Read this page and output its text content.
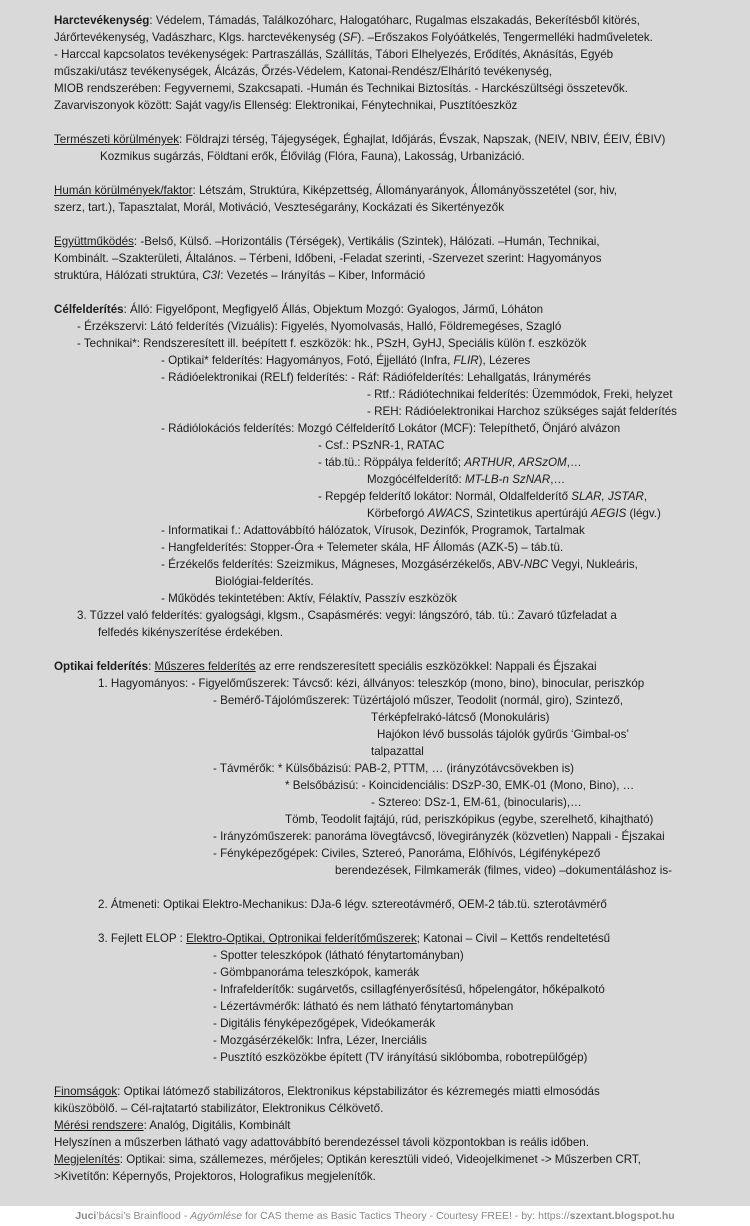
Harctevékenység: Védelem, Támadás, Találkozóharc, Halogatóharc, Rugalmas elszakadás, Bekerítésből kitörés,
Járőrtevékenység, Vadászharc, Klgs. harctevékenység (SF). –Erőszakos Folyóátkelés, Tengermelléki hadműveletek.
- Harccal kapcsolatos tevékenységek: Partraszállás, Szállítás, Tábori Elhelyezés, Erődítés, Aknásítás, Egyéb
műszaki/utász tevékenységek, Álcázás, Őrzés-Védelem, Katonai-Rendész/Elhárító tevékenység,
MIOB rendszerében: Fegyvernemi, Szakcsapati. -Humán és Technikai Biztosítás. - Harckészültségi összetevők.
Zavarviszonyok között: Saját vagy/is Ellenség: Elektronikai, Fénytechnikai, Pusztítóeszköz
Természeti körülmények: Földrajzi térség, Tájegységek, Éghajlat, Időjárás, Évszak, Napszak, (NEIV, NBIV, ÉEIV, ÉBIV)
Kozmikus sugárzás, Földtani erők, Élővilág (Flóra, Fauna), Lakosság, Urbanizáció.
Humán körülmények/faktor: Létszám, Struktúra, Kiképzettség, Állományarányok, Állományösszetétel (sor, hiv,
szerz, tart.), Tapasztalat, Morál, Motiváció, Veszteségarány, Kockázati és Sikertényezők
Együttműködés: -Belső, Külső. –Horizontális (Térségek), Vertikális (Szintek), Hálózati. –Humán, Technikai,
Kombinált. –Szakterületi, Általános. – Térbeni, Időbeni, -Feladat szerinti, -Szervezet szerint: Hagyományos
struktúra, Hálózati struktúra, C3I: Vezetés – Irányítás – Kiber, Információ
Célfelderítés: Álló: Figyelőpont, Megfigyelő Állás, Objektum Mozgó: Gyalogos, Jármű, Lóháton
- Érzékszervi: Látó felderítés (Vizuális): Figyelés, Nyomolvasás, Halló, Földremegéses, Szagló
- Technikai*: Rendszeresített ill. beépített f. eszközök: hk., PSzH, GyHJ, Speciális külön f. eszközök
- Optikai* felderítés: Hagyományos, Fotó, Éjjellátó (Infra, FLIR), Lézeres
- Rádióelektronikai (RELf) felderítés: - Ráf: Rádiófelderítés: Lehallgatás, Iránymérés
- Rtf.: Rádiótechnikai felderítés: Üzemmódok, Freki, helyzet
- REH: Rádióelektronikai Harchoz szükséges saját felderítés
- Rádiólokációs felderítés: Mozgó Célfelderítő Lokátor (MCF): Telepíthető, Önjáró alvázon
- Csf.: PSzNR-1, RATAC
- táb.tü.: Röppálya felderítő; ARTHUR, ARSzOM,…
Mozgócélfelderítő: MT-LB-n SzNAR,…
- Repgép felderítő lokátor: Normál, Oldalfelderítő SLAR, JSTAR,
Körbeforgó AWACS, Szintetikus apertúrájú AEGIS (légv.)
- Informatikai f.: Adattovábbító hálózatok, Vírusok, Dezinfók, Programok, Tartalmak
- Hangfelderítés: Stopper-Óra + Telemeter skála, HF Állomás (AZK-5) – táb.tü.
- Érzékelős felderítés: Szeizmikus, Mágneses, Mozgásérzékelős, ABV-NBC Vegyi, Nukleáris,
Biológiai-felderítés.
- Működés tekintetében: Aktív, Félaktív, Passzív eszközök
3. Tűzzel való felderítés: gyalogsági, klgsm., Csapásmérés: vegyi: lángszóró, táb. tü.: Zavaró tűzfeladat a
felfedés kikényszerítése érdekében.
Optikai felderítés: Műszeres felderítés az erre rendszeresített speciális eszközökkel: Nappali és Éjszakai
1. Hagyományos: - Figyelőműszerek: Távcső: kézi, állványos: teleszkóp (mono, bino), binocular, periszkóp
- Bemérő-Tájolóműszerek: Tüzértájoló műszer, Teodolit (normál, giro), Szintező,
Térképfelrakó-látcső (Monokuláris)
Hajókon lévő bussolás tájolók gyűrűs ‘Gimbal-os’
talpazattal
- Távmérők: * Külsőbázisú: PAB-2, PTTM, … (irányzótávcsövekben is)
* Belsőbázisú: - Koincidenciális: DSzP-30, EMK-01 (Mono, Bino), …
- Sztereo: DSz-1, EM-61, (binocularis),…
Tömb, Teodolit fajtájú, rúd, periszkópikus (egybe, szerelhető, kihajtható)
- Irányzóműszerek: panoráma lövegtávcső, lövegirányzék (közvetlen) Nappali - Éjszakai
- Fényképezőgépek: Civiles, Sztereó, Panoráma, Előhívós, Légifényképező
berendezések, Filmkamerák (filmes, video) –dokumentáláshoz is-
2. Átmeneti: Optikai Elektro-Mechanikus: DJa-6 légv. sztereotávmérő, OEM-2 táb.tü. szterotávmérő
3. Fejlett ELOP : Elektro-Optikai, Optronikai felderítőműszerek; Katonai – Civil – Kettős rendeltetésű
- Spotter teleszkópok (látható fénytartományban)
- Gömbpanoráma teleszkópok, kamerák
- Infrafelderítők: sugárvetős, csillagfényerősítésű, hőpelengátor, hőképalkotó
- Lézertávmérők: látható és nem látható fénytartományban
- Digitális fényképezőgépek, Videókamerák
- Mozgásérzékelők: Infra, Lézer, Inerciális
- Pusztító eszközökbe épített (TV irányítású siklóbomba, robotrepülőgép)
Finomságok: Optikai látómező stabilizátoros, Elektronikus képstabilizátor és kézremegés miatti elmosódás
kiküszöbölő. – Cél-rajtatartó stabilizátor, Elektronikus Célkövető.
Mérési rendszere: Analóg, Digitális, Kombinált
Helyszínen a műszerben látható vagy adattovábbító berendezéssel távoli központokban is reális időben.
Megjelenítés: Optikai: sima, szállemezes, mérőjeles; Optikán keresztüli videó, Videojelkimenet -> Műszerben CRT,
>Kivetítőn: Képernyős, Projektoros, Holografikus megjelenítők.
Juci’bácsi’s Brainflood - Agyömlése for CAS theme as Basic Tactics Theory - Courtesy FREE! - by: https://szextant.blogspot.hu
